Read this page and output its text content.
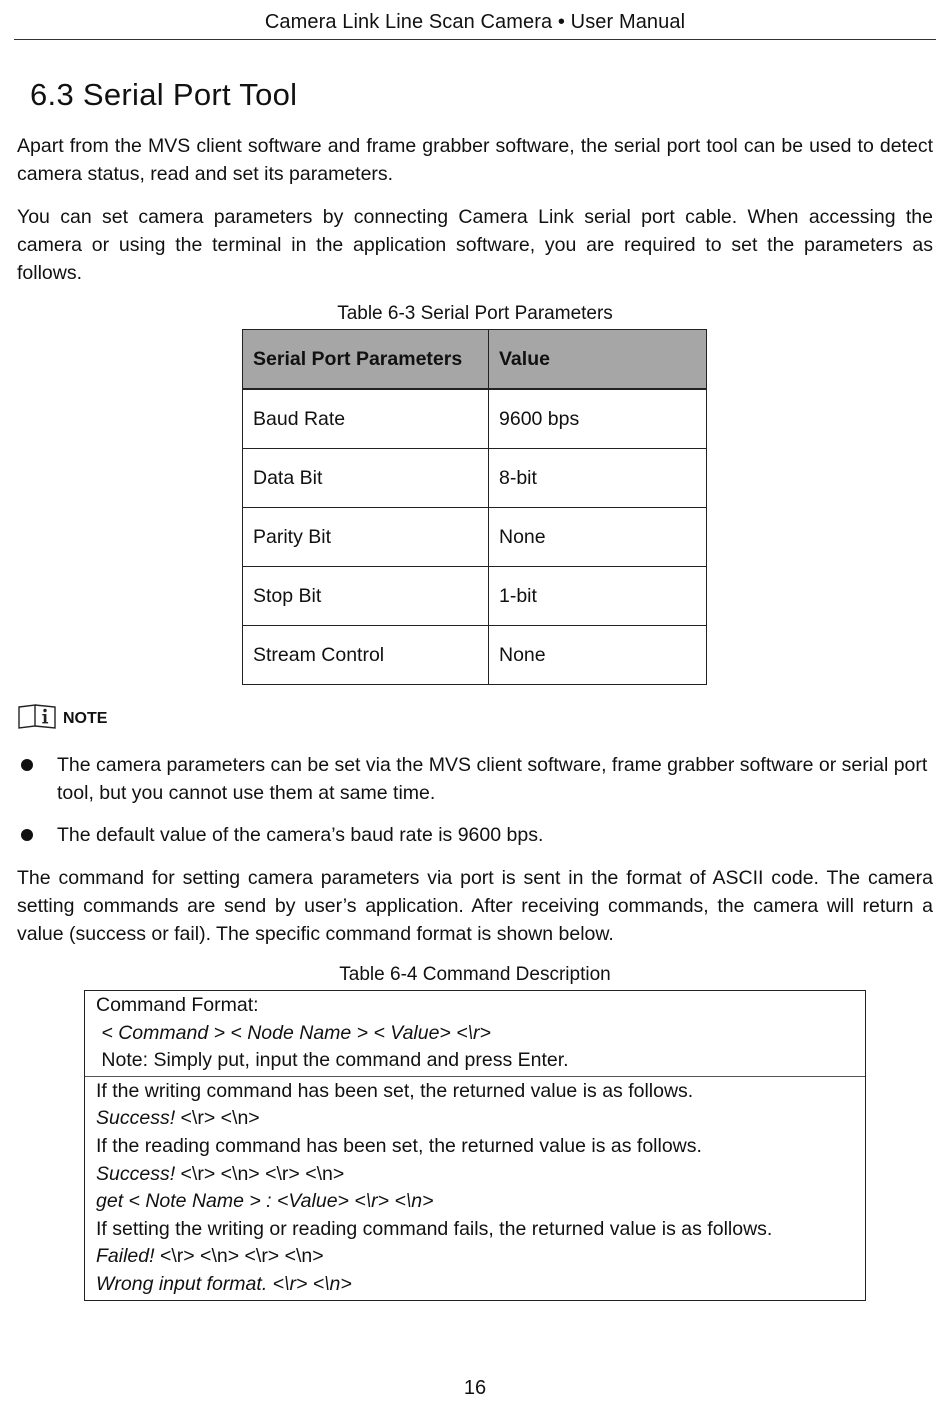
Camera Link Line Scan Camera • User Manual
6.3 Serial Port Tool
Apart from the MVS client software and frame grabber software, the serial port tool can be used to detect camera status, read and set its parameters.
You can set camera parameters by connecting Camera Link serial port cable. When accessing the camera or using the terminal in the application software, you are required to set the parameters as follows.
Table 6-3 Serial Port Parameters
Serial Port Parameters	Value
Baud Rate	9600 bps
Data Bit	8-bit
Parity Bit	None
Stop Bit	1-bit
Stream Control	None
NOTE
The camera parameters can be set via the MVS client software, frame grabber software or serial port tool, but you cannot use them at same time.
The default value of the camera’s baud rate is 9600 bps.
The command for setting camera parameters via port is sent in the format of ASCII code. The camera setting commands are send by user’s application. After receiving commands, the camera will return a value (success or fail). The specific command format is shown below.
Table 6-4 Command Description
Command Format:
< Command > < Node Name > < Value> <\r>
Note: Simply put, input the command and press Enter.
If the writing command has been set, the returned value is as follows.
Success! <\r> <\n>
If the reading command has been set, the returned value is as follows.
Success! <\r> <\n> <\r> <\n>
get < Note Name > : <Value> <\r> <\n>
If setting the writing or reading command fails, the returned value is as follows.
Failed! <\r> <\n> <\r> <\n>
Wrong input format. <\r> <\n>
16
